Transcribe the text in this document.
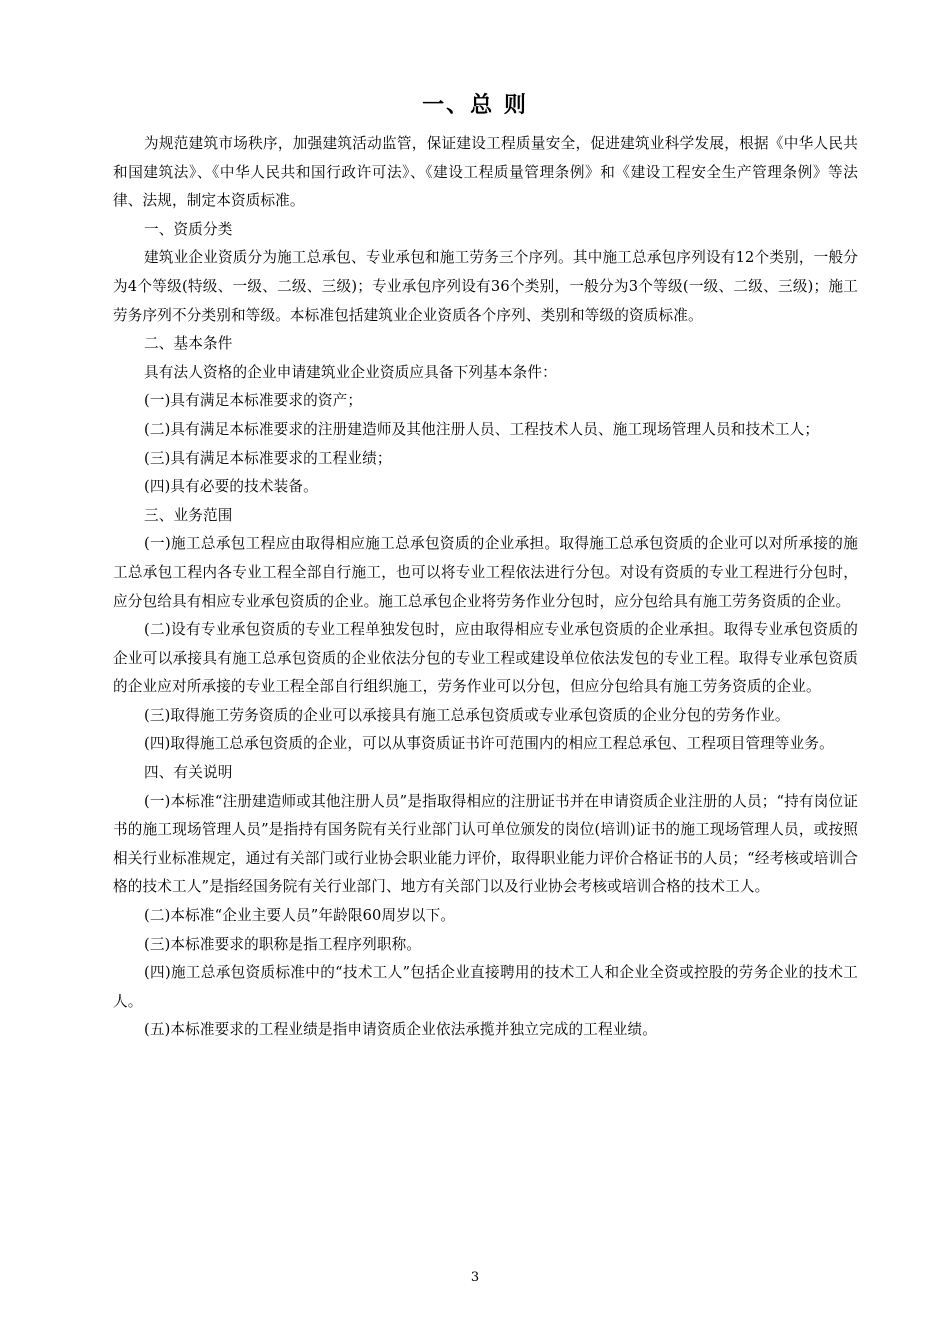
一、总 则

为规范建筑市场秩序，加强建筑活动监管，保证建设工程质量安全，促进建筑业科学发展，根据《中华人民共和国建筑法》、《中华人民共和国行政许可法》、《建设工程质量管理条例》和《建设工程安全生产管理条例》等法律、法规，制定本资质标准。

一、资质分类

建筑业企业资质分为施工总承包、专业承包和施工劳务三个序列。其中施工总承包序列设有12个类别，一般分为4个等级(特级、一级、二级、三级)；专业承包序列设有36个类别，一般分为3个等级(一级、二级、三级)；施工劳务序列不分类别和等级。本标准包括建筑业企业资质各个序列、类别和等级的资质标准。

二、基本条件

具有法人资格的企业申请建筑业企业资质应具备下列基本条件：

(一)具有满足本标准要求的资产；

(二)具有满足本标准要求的注册建造师及其他注册人员、工程技术人员、施工现场管理人员和技术工人；

(三)具有满足本标准要求的工程业绩；

(四)具有必要的技术装备。

三、业务范围

(一)施工总承包工程应由取得相应施工总承包资质的企业承担。取得施工总承包资质的企业可以对所承接的施工总承包工程内各专业工程全部自行施工，也可以将专业工程依法进行分包。对设有资质的专业工程进行分包时，应分包给具有相应专业承包资质的企业。施工总承包企业将劳务作业分包时，应分包给具有施工劳务资质的企业。

(二)设有专业承包资质的专业工程单独发包时，应由取得相应专业承包资质的企业承担。取得专业承包资质的企业可以承接具有施工总承包资质的企业依法分包的专业工程或建设单位依法发包的专业工程。取得专业承包资质的企业应对所承接的专业工程全部自行组织施工，劳务作业可以分包，但应分包给具有施工劳务资质的企业。

(三)取得施工劳务资质的企业可以承接具有施工总承包资质或专业承包资质的企业分包的劳务作业。

(四)取得施工总承包资质的企业，可以从事资质证书许可范围内的相应工程总承包、工程项目管理等业务。

四、有关说明

(一)本标准“注册建造师或其他注册人员”是指取得相应的注册证书并在申请资质企业注册的人员；“持有岗位证书的施工现场管理人员”是指持有国务院有关行业部门认可单位颁发的岗位(培训)证书的施工现场管理人员，或按照相关行业标准规定，通过有关部门或行业协会职业能力评价，取得职业能力评价合格证书的人员；“经考核或培训合格的技术工人”是指经国务院有关行业部门、地方有关部门以及行业协会考核或培训合格的技术工人。

(二)本标准“企业主要人员”年龄限60周岁以下。

(三)本标准要求的职称是指工程序列职称。

(四)施工总承包资质标准中的“技术工人”包括企业直接聘用的技术工人和企业全资或控股的劳务企业的技术工人。

(五)本标准要求的工程业绩是指申请资质企业依法承揽并独立完成的工程业绩。

3
